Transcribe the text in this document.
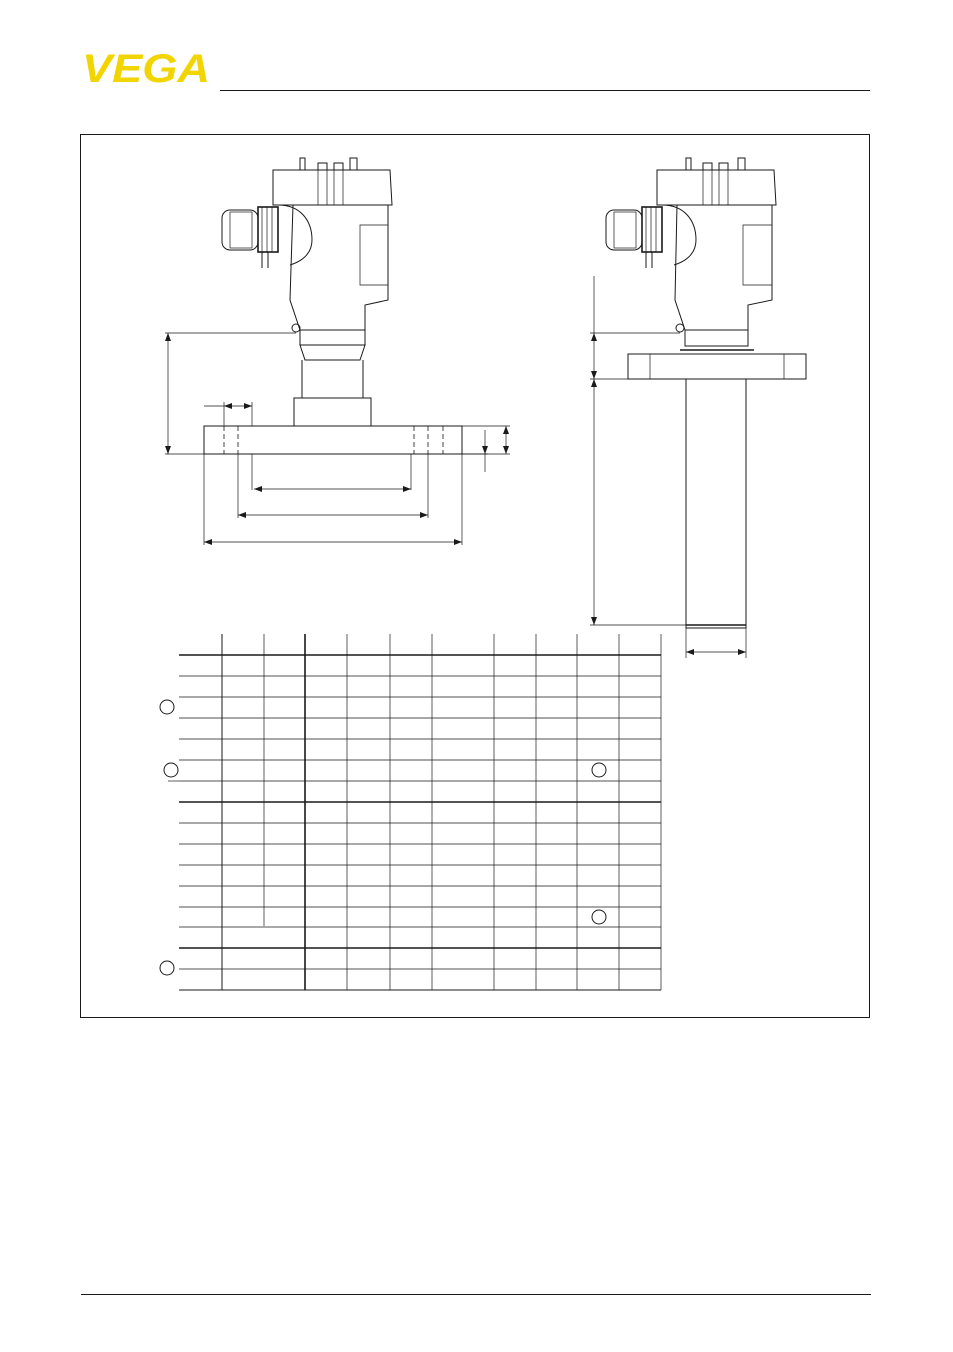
VEGA
